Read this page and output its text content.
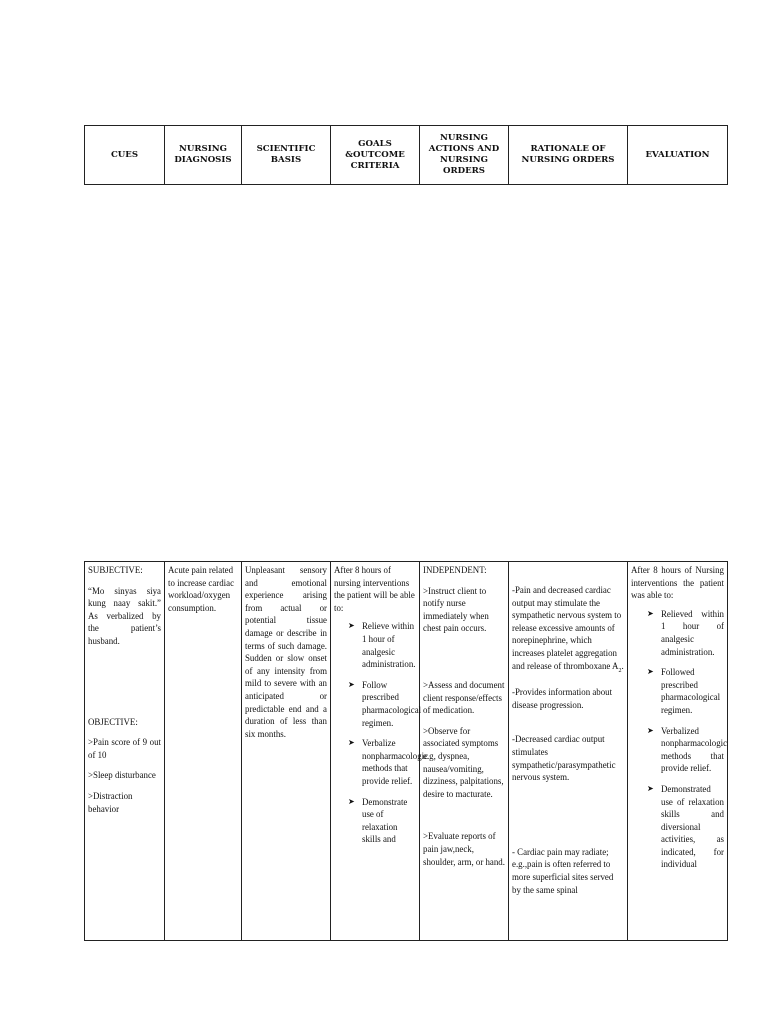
CUES
NURSING
DIAGNOSIS
SCIENTIFIC
BASIS
GOALS
&OUTCOME
CRITERIA
NURSING
ACTIONS AND
NURSING
ORDERS
RATIONALE OF
NURSING ORDERS
EVALUATION

SUBJECTIVE:

“Mo sinyas siya kung naay sakit.” As verbalized by the patient’s husband.

OBJECTIVE:

>Pain score of 9 out of 10

>Sleep disturbance

>Distraction behavior

Acute pain related to increase cardiac workload/oxygen consumption.

Unpleasant sensory and emotional experience arising from actual or potential tissue damage or describe in terms of such damage. Sudden or slow onset of any intensity from mild to severe with an anticipated or predictable end and a duration of less than six months.

After 8 hours of nursing interventions the patient will be able to:

➤ Relieve within 1 hour of analgesic administration.
➤ Follow prescribed pharmacological regimen.
➤ Verbalize nonpharmacologic methods that provide relief.
➤ Demonstrate use of relaxation skills and

INDEPENDENT:

>Instruct client to notify nurse immediately when chest pain occurs.

>Assess and document client response/effects of medication.

>Observe for associated symptoms e.g, dyspnea, nausea/vomiting, dizziness, palpitations, desire to macturate.

>Evaluate reports of pain jaw,neck, shoulder, arm, or hand.

-Pain and decreased cardiac output may stimulate the sympathetic nervous system to release excessive amounts of norepinephrine, which increases platelet aggregation and release of thromboxane $A_2$.

-Provides information about disease progression.

-Decreased cardiac output stimulates sympathetic/parasympathetic nervous system.

- Cardiac pain may radiate; e.g.,pain is often referred to more superficial sites served by the same spinal

After 8 hours of Nursing interventions the patient was able to:

➤ Relieved within 1 hour of analgesic administration.
➤ Followed prescribed pharmacological regimen.
➤ Verbalized nonpharmacologic methods that provide relief.
➤ Demonstrated use of relaxation skills and diversional activities, as indicated, for individual
